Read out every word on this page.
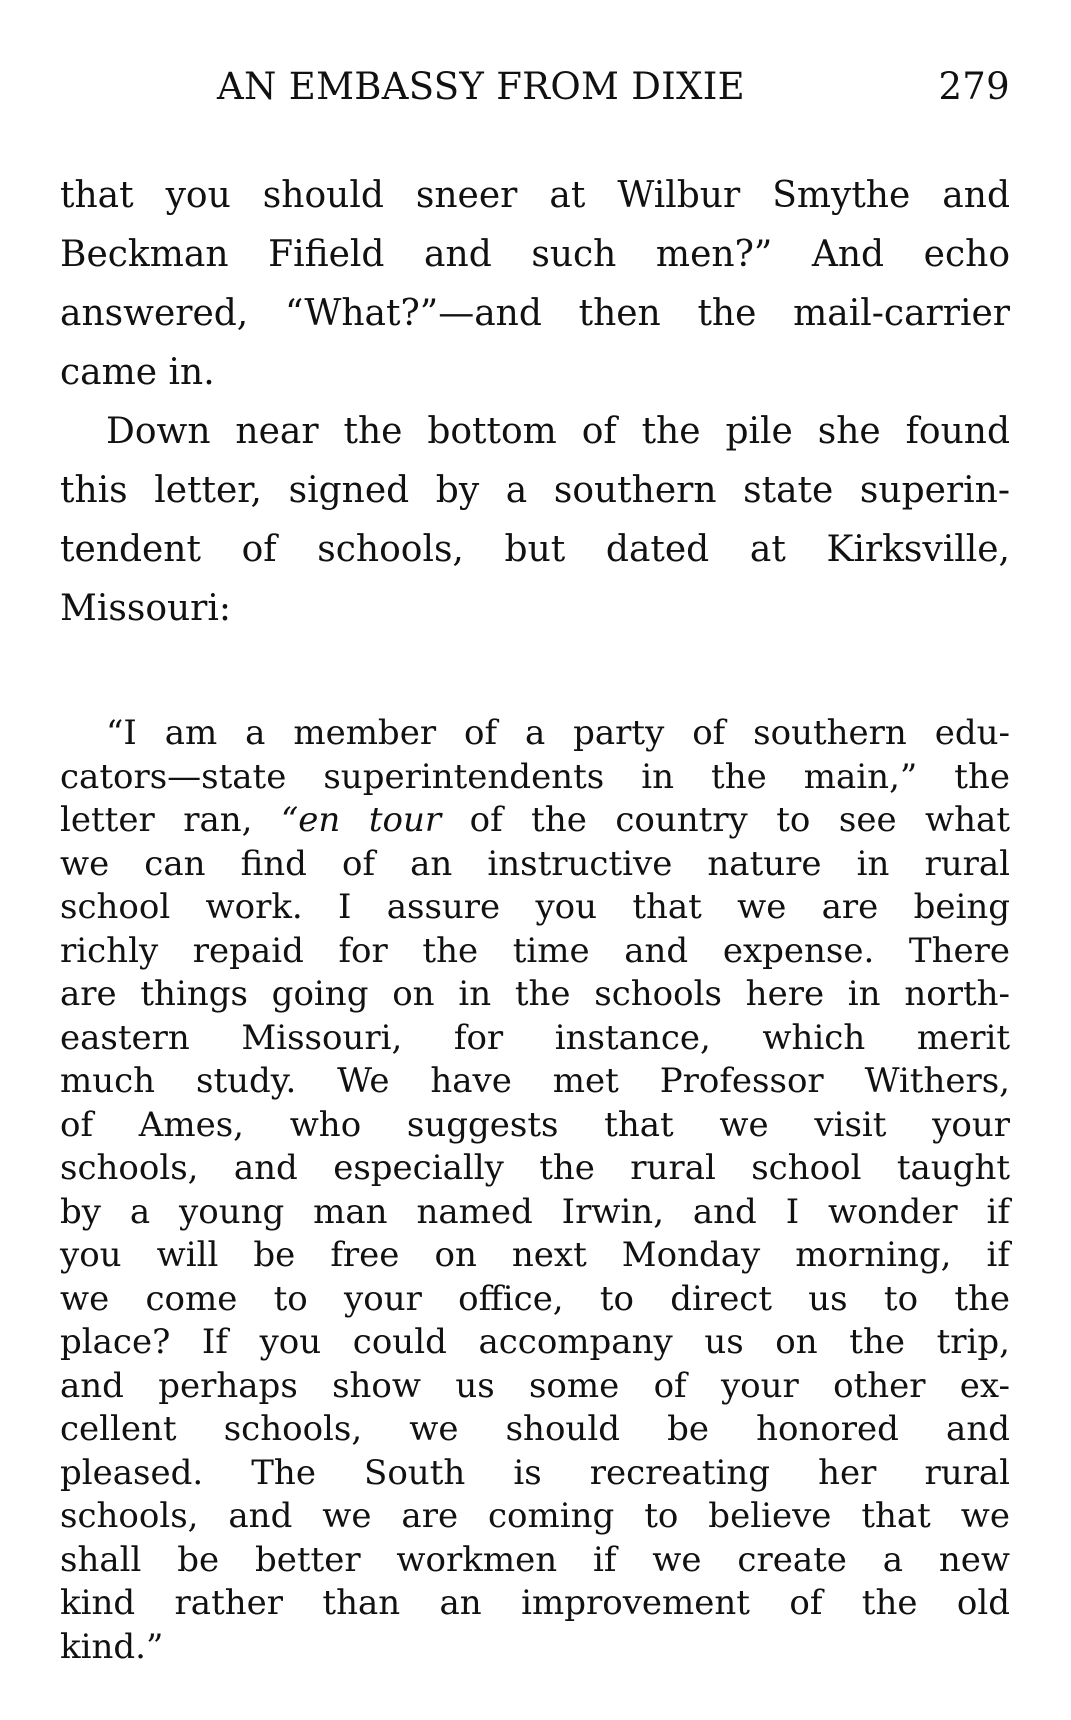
AN EMBASSY FROM DIXIE	279
that you should sneer at Wilbur Smythe and
Beckman Fifield and such men?” And echo
answered, “What?”—and then the mail-carrier
came in.
Down near the bottom of the pile she found
this letter, signed by a southern state superin-
tendent of schools, but dated at Kirksville,
Missouri:
“I am a member of a party of southern edu-
cators—state superintendents in the main,” the
letter ran, “en tour of the country to see what
we can find of an instructive nature in rural
school work. I assure you that we are being
richly repaid for the time and expense. There
are things going on in the schools here in north-
eastern Missouri, for instance, which merit
much study. We have met Professor Withers,
of Ames, who suggests that we visit your
schools, and especially the rural school taught
by a young man named Irwin, and I wonder if
you will be free on next Monday morning, if
we come to your office, to direct us to the
place? If you could accompany us on the trip,
and perhaps show us some of your other ex-
cellent schools, we should be honored and
pleased. The South is recreating her rural
schools, and we are coming to believe that we
shall be better workmen if we create a new
kind rather than an improvement of the old
kind.”
